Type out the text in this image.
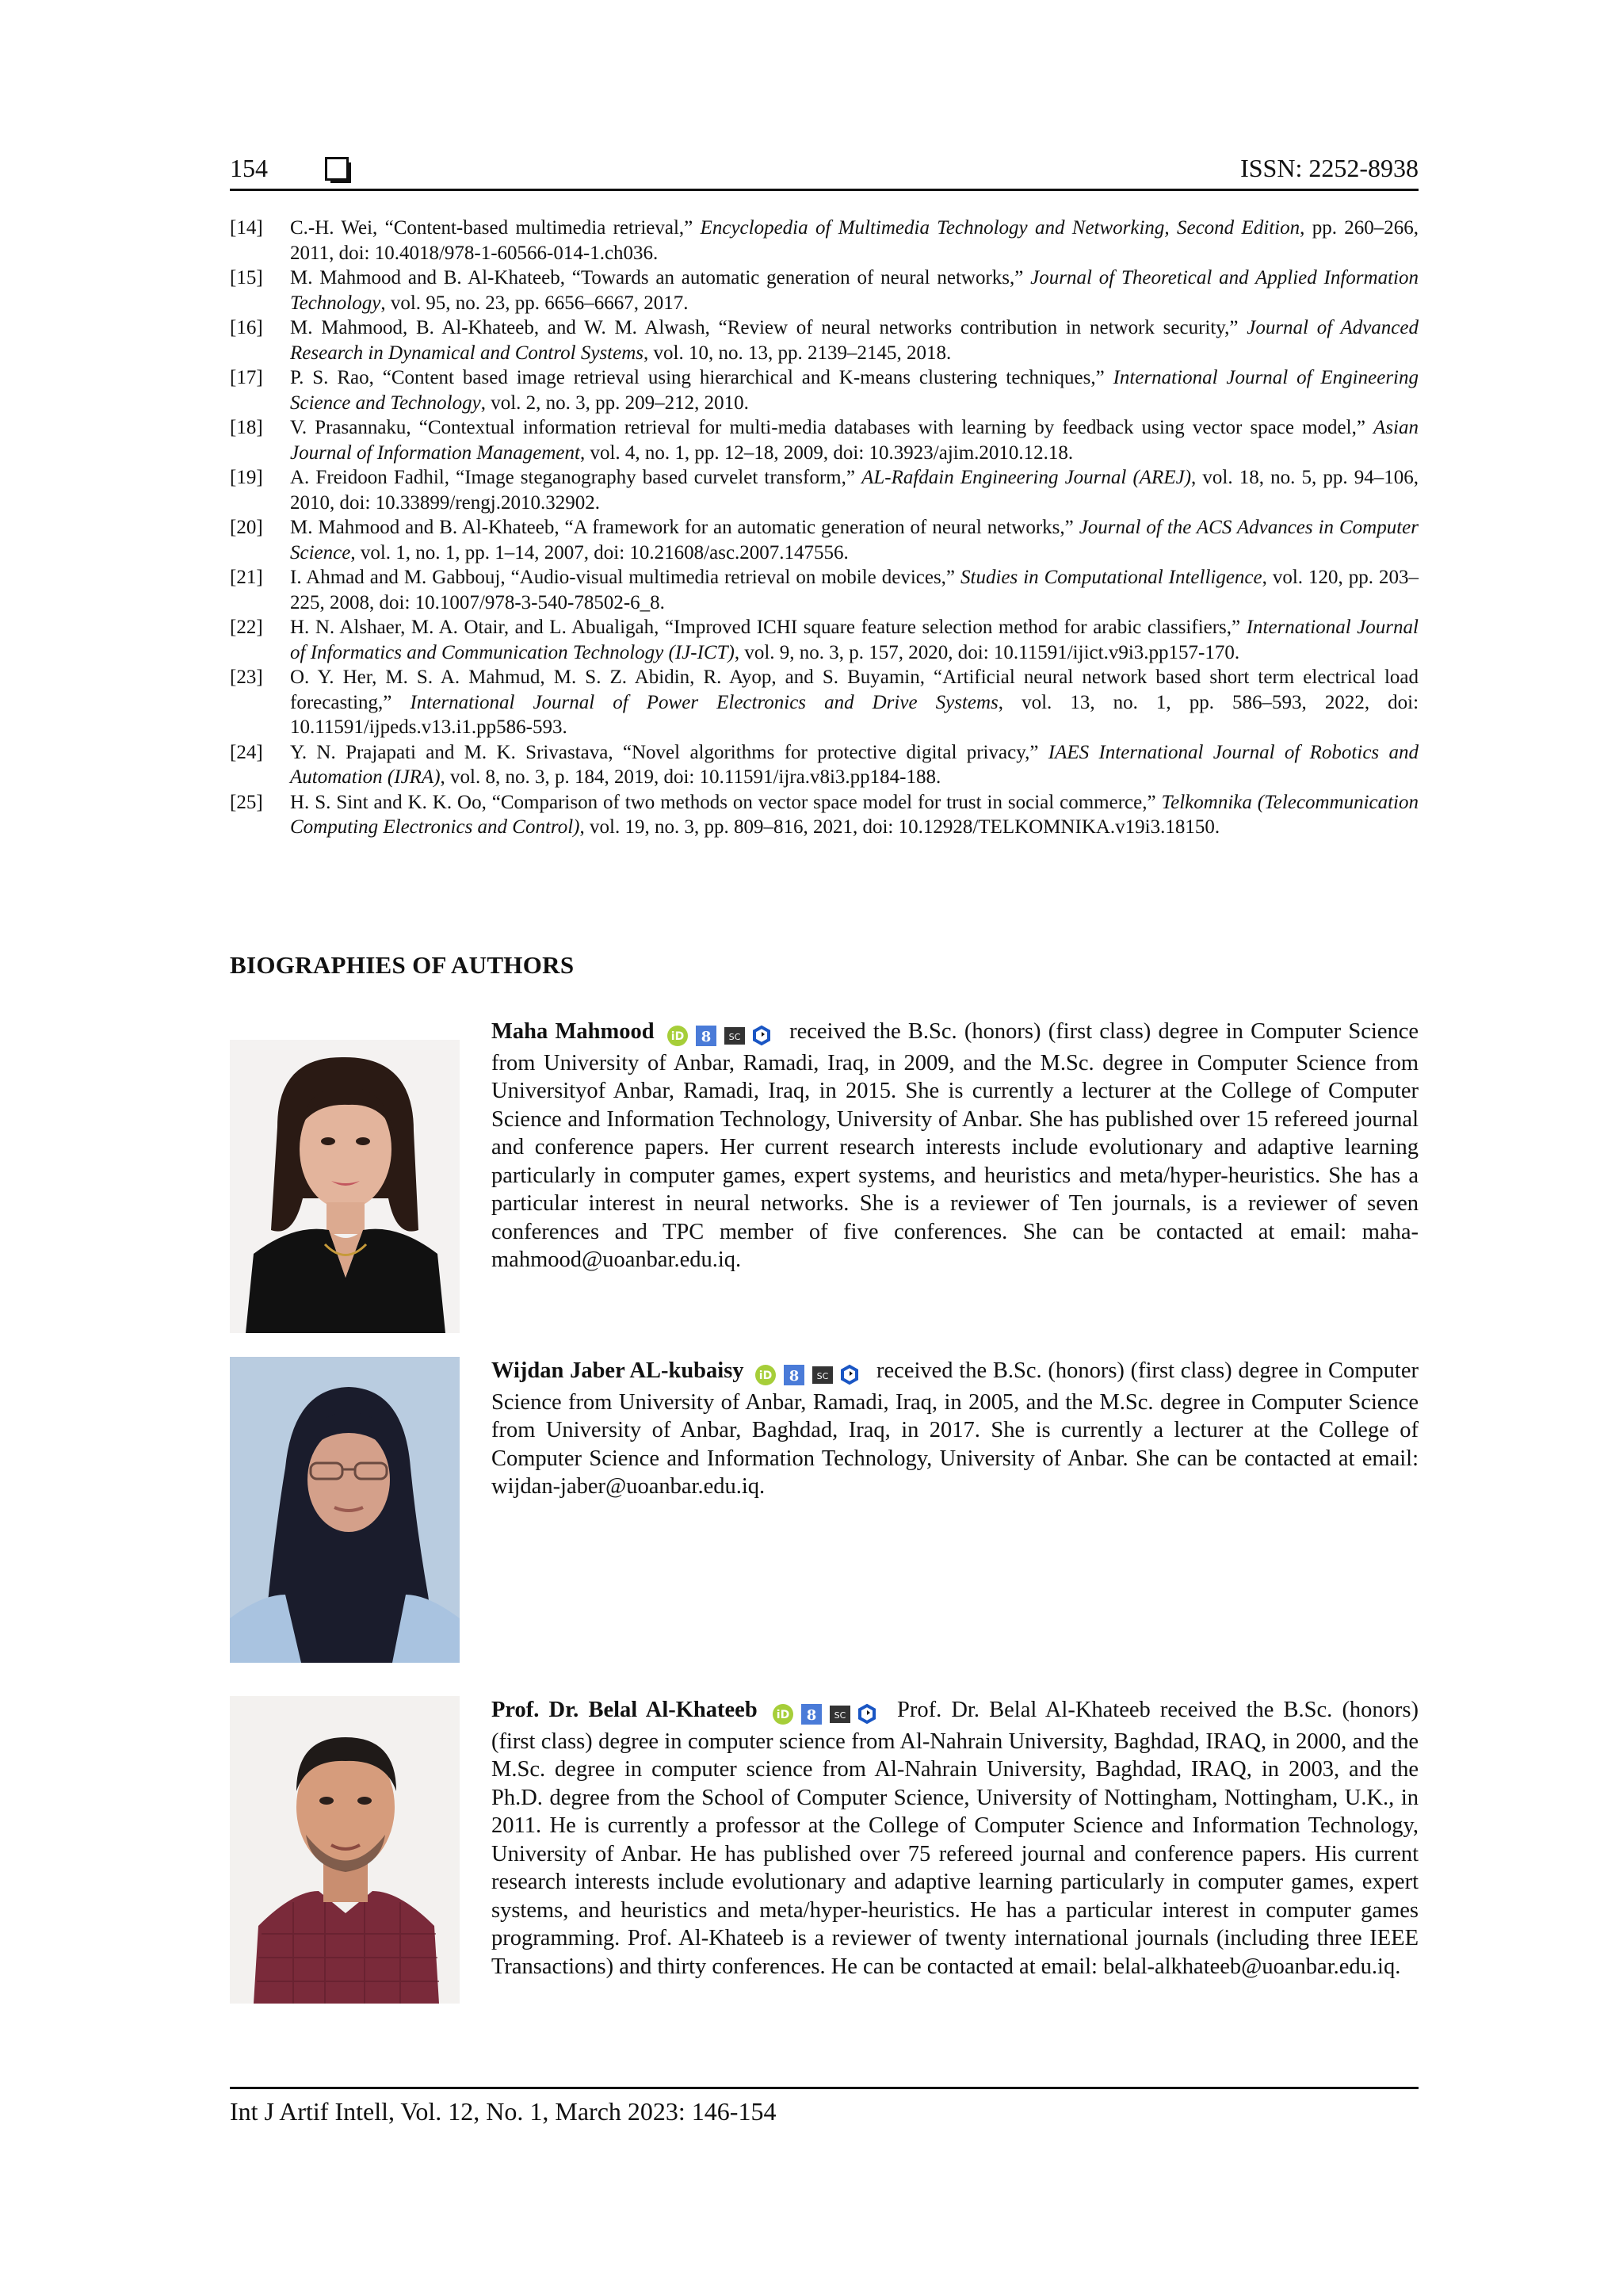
154	ISSN: 2252-8938
[14]	C.-H. Wei, “Content-based multimedia retrieval,” Encyclopedia of Multimedia Technology and Networking, Second Edition, pp. 260–266, 2011, doi: 10.4018/978-1-60566-014-1.ch036.
[15]	M. Mahmood and B. Al-Khateeb, “Towards an automatic generation of neural networks,” Journal of Theoretical and Applied Information Technology, vol. 95, no. 23, pp. 6656–6667, 2017.
[16]	M. Mahmood, B. Al-Khateeb, and W. M. Alwash, “Review of neural networks contribution in network security,” Journal of Advanced Research in Dynamical and Control Systems, vol. 10, no. 13, pp. 2139–2145, 2018.
[17]	P. S. Rao, “Content based image retrieval using hierarchical and K-means clustering techniques,” International Journal of Engineering Science and Technology, vol. 2, no. 3, pp. 209–212, 2010.
[18]	V. Prasannaku, “Contextual information retrieval for multi-media databases with learning by feedback using vector space model,” Asian Journal of Information Management, vol. 4, no. 1, pp. 12–18, 2009, doi: 10.3923/ajim.2010.12.18.
[19]	A. Freidoon Fadhil, “Image steganography based curvelet transform,” AL-Rafdain Engineering Journal (AREJ), vol. 18, no. 5, pp. 94–106, 2010, doi: 10.33899/rengj.2010.32902.
[20]	M. Mahmood and B. Al-Khateeb, “A framework for an automatic generation of neural networks,” Journal of the ACS Advances in Computer Science, vol. 1, no. 1, pp. 1–14, 2007, doi: 10.21608/asc.2007.147556.
[21]	I. Ahmad and M. Gabbouj, “Audio-visual multimedia retrieval on mobile devices,” Studies in Computational Intelligence, vol. 120, pp. 203–225, 2008, doi: 10.1007/978-3-540-78502-6_8.
[22]	H. N. Alshaer, M. A. Otair, and L. Abualigah, “Improved ICHI square feature selection method for arabic classifiers,” International Journal of Informatics and Communication Technology (IJ-ICT), vol. 9, no. 3, p. 157, 2020, doi: 10.11591/ijict.v9i3.pp157-170.
[23]	O. Y. Her, M. S. A. Mahmud, M. S. Z. Abidin, R. Ayop, and S. Buyamin, “Artificial neural network based short term electrical load forecasting,” International Journal of Power Electronics and Drive Systems, vol. 13, no. 1, pp. 586–593, 2022, doi: 10.11591/ijpeds.v13.i1.pp586-593.
[24]	Y. N. Prajapati and M. K. Srivastava, “Novel algorithms for protective digital privacy,” IAES International Journal of Robotics and Automation (IJRA), vol. 8, no. 3, p. 184, 2019, doi: 10.11591/ijra.v8i3.pp184-188.
[25]	H. S. Sint and K. K. Oo, “Comparison of two methods on vector space model for trust in social commerce,” Telkomnika (Telecommunication Computing Electronics and Control), vol. 19, no. 3, pp. 809–816, 2021, doi: 10.12928/TELKOMNIKA.v19i3.18150.
BIOGRAPHIES OF AUTHORS
Maha Mahmood iD 8 SC received the B.Sc. (honors) (first class) degree in Computer Science from University of Anbar, Ramadi, Iraq, in 2009, and the M.Sc. degree in Computer Science from Universityof Anbar, Ramadi, Iraq, in 2015. She is currently a lecturer at the College of Computer Science and Information Technology, University of Anbar. She has published over 15 refereed journal and conference papers. Her current research interests include evolutionary and adaptive learning particularly in computer games, expert systems, and heuristics and meta/hyper-heuristics. She has a particular interest in neural networks. She is a reviewer of Ten journals, is a reviewer of seven conferences and TPC member of five conferences. She can be contacted at email: maha-mahmood@uoanbar.edu.iq.
Wijdan Jaber AL-kubaisy iD 8 SC received the B.Sc. (honors) (first class) degree in Computer Science from University of Anbar, Ramadi, Iraq, in 2005, and the M.Sc. degree in Computer Science from University of Anbar, Baghdad, Iraq, in 2017. She is currently a lecturer at the College of Computer Science and Information Technology, University of Anbar. She can be contacted at email: wijdan-jaber@uoanbar.edu.iq.
Prof. Dr. Belal Al-Khateeb iD 8 SC Prof. Dr. Belal Al-Khateeb received the B.Sc. (honors) (first class) degree in computer science from Al-Nahrain University, Baghdad, IRAQ, in 2000, and the M.Sc. degree in computer science from Al-Nahrain University, Baghdad, IRAQ, in 2003, and the Ph.D. degree from the School of Computer Science, University of Nottingham, Nottingham, U.K., in 2011. He is currently a professor at the College of Computer Science and Information Technology, University of Anbar. He has published over 75 refereed journal and conference papers. His current research interests include evolutionary and adaptive learning particularly in computer games, expert systems, and heuristics and meta/hyper-heuristics. He has a particular interest in computer games programming. Prof. Al-Khateeb is a reviewer of twenty international journals (including three IEEE Transactions) and thirty conferences. He can be contacted at email: belal-alkhateeb@uoanbar.edu.iq.
Int J Artif Intell, Vol. 12, No. 1, March 2023: 146-154
